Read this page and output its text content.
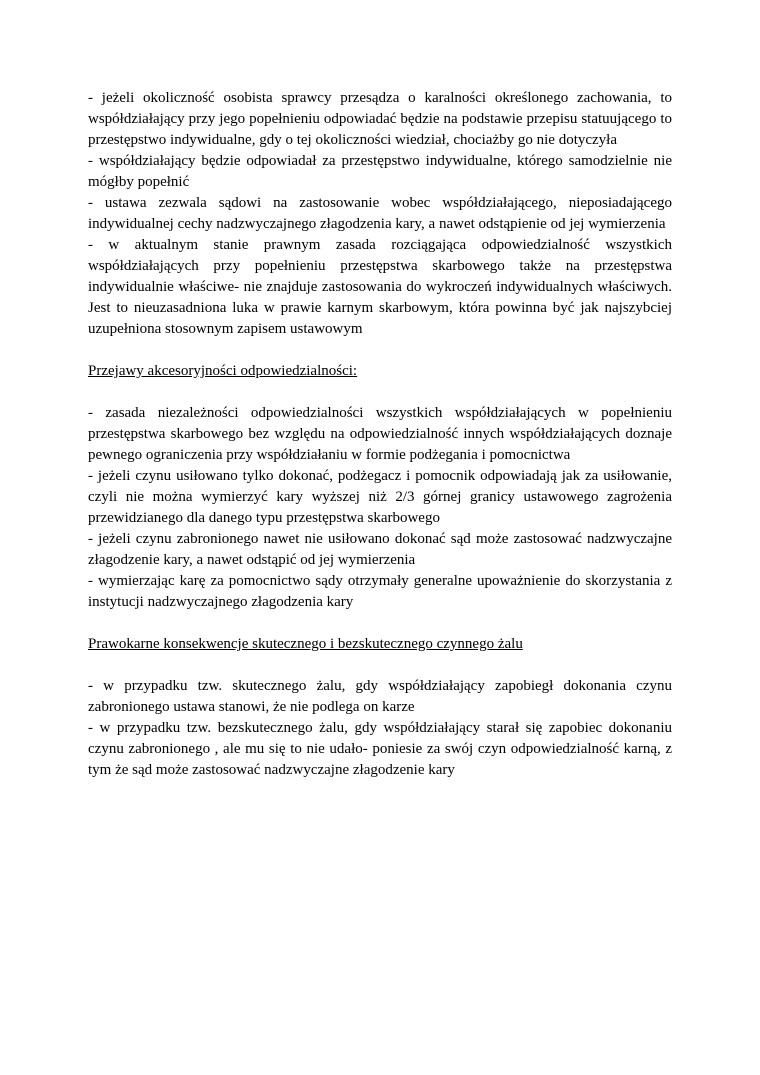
- jeżeli okoliczność osobista sprawcy przesądza o karalności określonego zachowania, to współdziałający przy jego popełnieniu odpowiadać będzie na podstawie przepisu statuującego to przestępstwo indywidualne, gdy o tej okoliczności wiedział, chociażby go nie dotyczyła

- współdziałający będzie odpowiadał za przestępstwo indywidualne, którego samodzielnie nie mógłby popełnić

- ustawa zezwala sądowi na zastosowanie wobec współdziałającego, nieposiadającego indywidualnej cechy nadzwyczajnego złagodzenia kary, a nawet odstąpienie od jej wymierzenia

- w aktualnym stanie prawnym zasada rozciągająca odpowiedzialność wszystkich współdziałających przy popełnieniu przestępstwa skarbowego także na przestępstwa indywidualnie właściwe- nie znajduje zastosowania do wykroczeń indywidualnych właściwych. Jest to nieuzasadniona luka w prawie karnym skarbowym, która powinna być jak najszybciej uzupełniona stosownym zapisem ustawowym

Przejawy akcesoryjności odpowiedzialności:

- zasada niezależności odpowiedzialności wszystkich współdziałających w popełnieniu przestępstwa skarbowego bez względu na odpowiedzialność innych współdziałających doznaje pewnego ograniczenia przy współdziałaniu w formie podżegania i pomocnictwa

- jeżeli czynu usiłowano tylko dokonać, podżegacz i pomocnik odpowiadają jak za usiłowanie, czyli nie można wymierzyć kary wyższej niż 2/3 górnej granicy ustawowego zagrożenia przewidzianego dla danego typu przestępstwa skarbowego

- jeżeli czynu zabronionego nawet nie usiłowano dokonać sąd może zastosować nadzwyczajne złagodzenie kary, a nawet odstąpić od jej wymierzenia

- wymierzając karę za pomocnictwo sądy otrzymały generalne upoważnienie do skorzystania z instytucji nadzwyczajnego złagodzenia kary

Prawokarne konsekwencje skutecznego i bezskutecznego czynnego żalu

- w przypadku tzw. skutecznego żalu, gdy współdziałający zapobiegł dokonania czynu zabronionego ustawa stanowi, że nie podlega on karze

- w przypadku tzw. bezskutecznego żalu, gdy współdziałający starał się zapobiec dokonaniu czynu zabronionego , ale mu się to nie udało- poniesie za swój czyn odpowiedzialność karną, z tym że sąd może zastosować nadzwyczajne złagodzenie kary
